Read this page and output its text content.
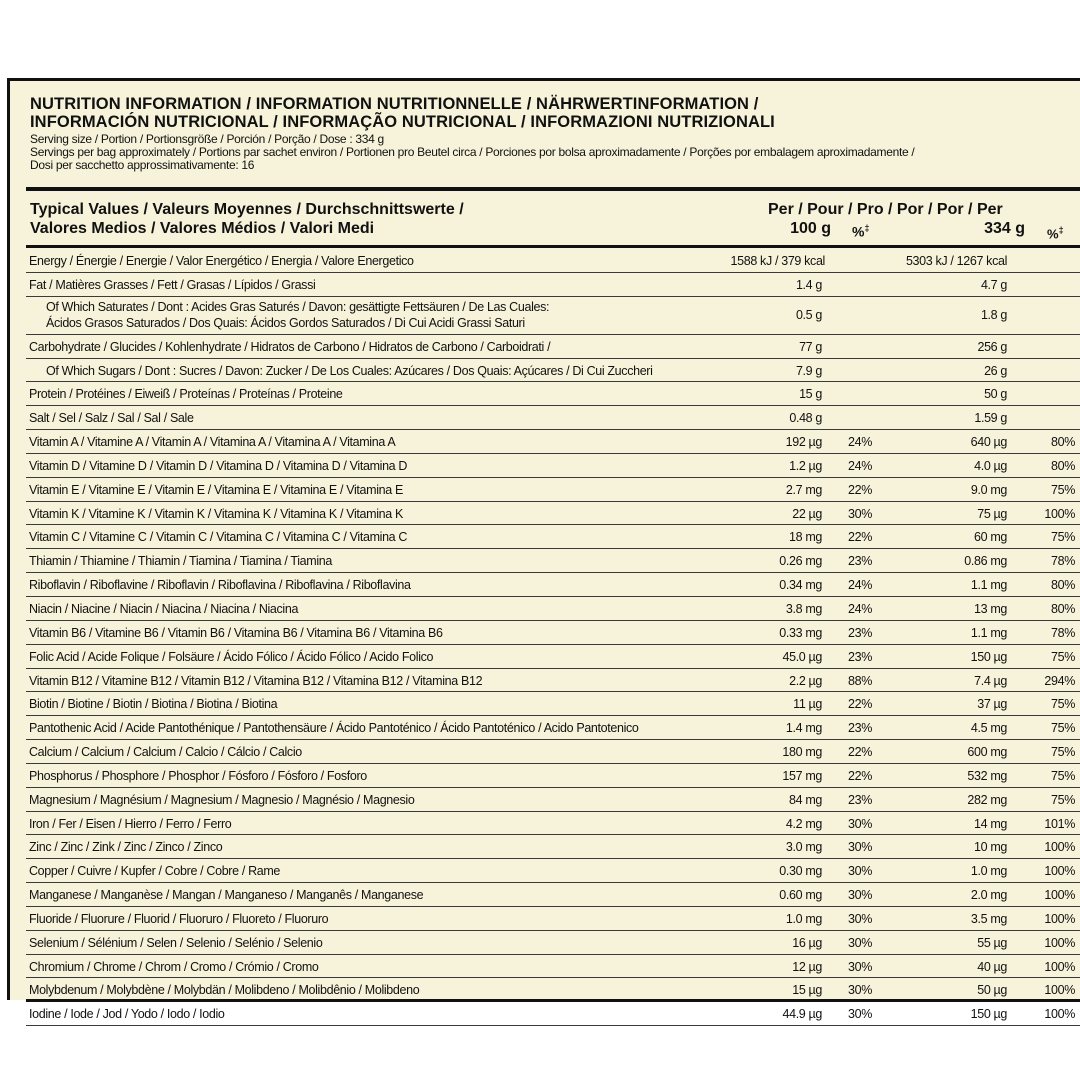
NUTRITION INFORMATION / INFORMATION NUTRITIONNELLE / NÄHRWERTINFORMATION /
INFORMACIÓN NUTRICIONAL / INFORMAÇÃO NUTRICIONAL / INFORMAZIONI NUTRIZIONALI
Serving size / Portion / Portionsgröße / Porción / Porção / Dose : 334 g
Servings per bag approximately / Portions par sachet environ / Portionen pro Beutel circa / Porciones por bolsa aproximadamente / Porções por embalagem aproximadamente /
Dosi per sacchetto approssimativamente: 16
Typical Values / Valeurs Moyennes / Durchschnittswerte /
Valores Medios / Valores Médios / Valori Medi
Per / Pour / Pro / Por / Por / Per
100 g %‡	334 g %‡
Energy / Énergie / Energie / Valor Energético / Energia / Valore Energetico	1588 kJ / 379 kcal	5303 kJ / 1267 kcal
Fat / Matières Grasses / Fett / Grasas / Lípidos / Grassi	1.4 g	4.7 g
Of Which Saturates / Dont : Acides Gras Saturés / Davon: gesättigte Fettsäuren / De Las Cuales:
Ácidos Grasos Saturados / Dos Quais: Ácidos Gordos Saturados / Di Cui Acidi Grassi Saturi
0.5 g	1.8 g
Carbohydrate / Glucides / Kohlenhydrate / Hidratos de Carbono / Hidratos de Carbono / Carboidrati /	77 g	256 g
Of Which Sugars / Dont : Sucres / Davon: Zucker / De Los Cuales: Azúcares / Dos Quais: Açúcares / Di Cui Zuccheri	7.9 g	26 g
Protein / Protéines / Eiweiß / Proteínas / Proteínas / Proteine	15 g	50 g
Salt / Sel / Salz / Sal / Sal / Sale	0.48 g	1.59 g
Vitamin A / Vitamine A / Vitamin A / Vitamina A / Vitamina A / Vitamina A	192 µg 24%	640 µg	80%
Vitamin D / Vitamine D / Vitamin D / Vitamina D / Vitamina D / Vitamina D	1.2 µg 24%	4.0 µg	80%
Vitamin E / Vitamine E / Vitamin E / Vitamina E / Vitamina E / Vitamina E	2.7 mg 22%	9.0 mg	75%
Vitamin K / Vitamine K / Vitamin K / Vitamina K / Vitamina K / Vitamina K	22 µg 30%	75 µg	100%
Vitamin C / Vitamine C / Vitamin C / Vitamina C / Vitamina C / Vitamina C	18 mg 22%	60 mg	75%
Thiamin / Thiamine / Thiamin / Tiamina / Tiamina / Tiamina	0.26 mg 23%	0.86 mg	78%
Riboflavin / Riboflavine / Riboflavin / Riboflavina / Riboflavina / Riboflavina	0.34 mg 24%	1.1 mg	80%
Niacin / Niacine / Niacin / Niacina / Niacina / Niacina	3.8 mg 24%	13 mg	80%
Vitamin B6 / Vitamine B6 / Vitamin B6 / Vitamina B6 / Vitamina B6 / Vitamina B6	0.33 mg 23%	1.1 mg	78%
Folic Acid / Acide Folique / Folsäure / Ácido Fólico / Ácido Fólico / Acido Folico	45.0 µg 23%	150 µg	75%
Vitamin B12 / Vitamine B12 / Vitamin B12 / Vitamina B12 / Vitamina B12 / Vitamina B12	2.2 µg 88%	7.4 µg	294%
Biotin / Biotine / Biotin / Biotina / Biotina / Biotina	11 µg 22%	37 µg	75%
Pantothenic Acid / Acide Pantothénique / Pantothensäure / Ácido Pantoténico / Ácido Pantoténico / Acido Pantotenico	1.4 mg 23%	4.5 mg	75%
Calcium / Calcium / Calcium / Calcio / Cálcio / Calcio	180 mg 22%	600 mg	75%
Phosphorus / Phosphore / Phosphor / Fósforo / Fósforo / Fosforo	157 mg 22%	532 mg	75%
Magnesium / Magnésium / Magnesium / Magnesio / Magnésio / Magnesio	84 mg 23%	282 mg	75%
Iron / Fer / Eisen / Hierro / Ferro / Ferro	4.2 mg 30%	14 mg	101%
Zinc / Zinc / Zink / Zinc / Zinco / Zinco	3.0 mg 30%	10 mg	100%
Copper / Cuivre / Kupfer / Cobre / Cobre / Rame	0.30 mg 30%	1.0 mg	100%
Manganese / Manganèse / Mangan / Manganeso / Manganês / Manganese	0.60 mg 30%	2.0 mg	100%
Fluoride / Fluorure / Fluorid / Fluoruro / Fluoreto / Fluoruro	1.0 mg 30%	3.5 mg	100%
Selenium / Sélénium / Selen / Selenio / Selénio / Selenio	16 µg 30%	55 µg	100%
Chromium / Chrome / Chrom / Cromo / Crómio / Cromo	12 µg 30%	40 µg	100%
Molybdenum / Molybdène / Molybdän / Molibdeno / Molibdênio / Molibdeno	15 µg 30%	50 µg	100%
Iodine / Iode / Jod / Yodo / Iodo / Iodio	44.9 µg 30%	150 µg	100%
